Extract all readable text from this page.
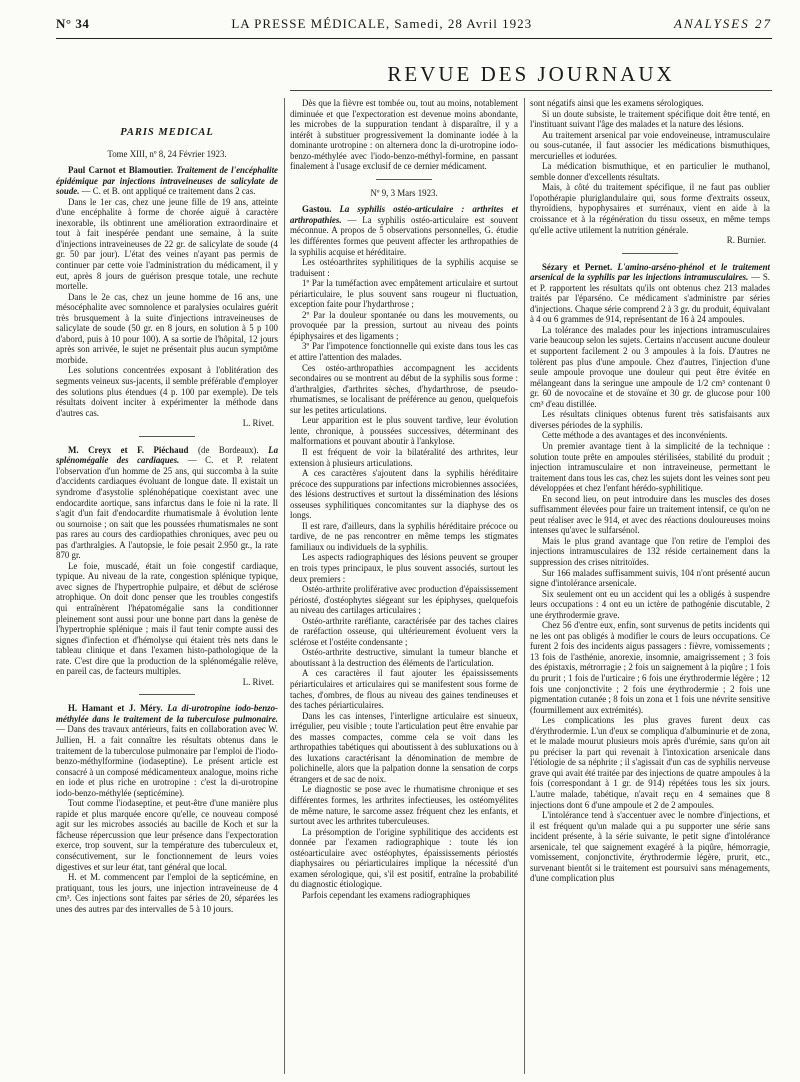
N° 34	LA PRESSE MÉDICALE, Samedi, 28 Avril 1923	ANALYSES 27
REVUE DES JOURNAUX
PARIS MÉDICAL
Tome XIII, nº 8, 24 Février 1923.

Paul Carnot et Blamoutier. Traitement de l'encéphalite épidémique par injections intraveineuses de salicylate de soude. — C. et B. ont appliqué ce traitement dans 2 cas.

Dans le 1er cas, chez une jeune fille de 19 ans, atteinte d'une encéphalite à forme de chorée aiguë à caractère inexorable, ils obtinrent une amélioration extraordinaire et tout à fait inespérée pendant une semaine, à la suite d'injections intraveineuses de 22 gr. de salicylate de soude (4 gr. 50 par jour). L'état des veines n'ayant pas permis de continuer par cette voie l'administration du médicament, il y eut, après 8 jours de guérison presque totale, une rechute mortelle.

Dans le 2e cas, chez un jeune homme de 16 ans, une mésocéphalite avec somnolence et paralysies oculaires guérit très brusquement à la suite d'injections intraveineuses de salicylate de soude (50 gr. en 8 jours, en solution à 5 p 100 d'abord, puis à 10 pour 100). A sa sortie de l'hôpital, 12 jours après son arrivée, le sujet ne présentait plus aucun symptôme morbide.

Les solutions concentrées exposant à l'oblitération des segments veineux sus-jacents, il semble préférable d'employer des solutions plus étendues (4 p. 100 par exemple). De tels résultats doivent inciter à expérimenter la méthode dans d'autres cas.

L. Rivet.

M. Creyx et F. Piéchaud (de Bordeaux). La splénomégalie des cardiaques. — C. et P. relatent l'observation d'un homme de 25 ans, qui succomba à la suite d'accidents cardiaques évoluant de longue date. Il existait un syndrome d'asystolie splénohépatique coexistant avec une endocardite aortique, sans infarctus dans le foie ni la rate. Il s'agit d'un fait d'endocardite rhumatismale à évolution lente ou sournoise ; on sait que les poussées rhumatismales ne sont pas rares au cours des cardiopathies chroniques, avec peu ou pas d'arthralgies. A l'autopsie, le foie pesait 2.950 gr., la rate 870 gr.

Le foie, muscadé, était un foie congestif cardiaque, typique. Au niveau de la rate, congestion splénique typique, avec signes de l'hypertrophie pulpaire, et début de sclérose atrophique. On doit donc penser que les troubles congestifs qui entraînèrent l'hépatomégalie sans la conditionner pleinement sont aussi pour une bonne part dans la genèse de l'hypertrophie splénique ; mais il faut tenir compte aussi des signes d'infection et d'hémolyse qui étaient très nets dans le tableau clinique et dans l'examen histo-pathologique de la rate. C'est dire que la production de la splénomégalie relève, en pareil cas, de facteurs multiples.

L. Rivet.

H. Hamant et J. Méry. La di-urotropine iodo-benzo-méthylée dans le traitement de la tuberculose pulmonaire. — Dans des travaux antérieurs, faits en collaboration avec W. Jullien, H. a fait connaître les résultats obtenus dans le traitement de la tuberculose pulmonaire par l'emploi de l'iodo-benzo-méthylformine (iodaseptine). Le présent article est consacré à un composé médicamenteux analogue, moins riche en iode et plus riche en urotropine : c'est la di-urotropine iodo-benzo-méthylée (septicémine).

Tout comme l'iodaseptine, et peut-être d'une manière plus rapide et plus marquée encore qu'elle, ce nouveau composé agit sur les microbes associés au bacille de Koch et sur la fâcheuse répercussion que leur présence dans l'expectoration exerce, trop souvent, sur la température des tuberculeux et, consécutivement, sur le fonctionnement de leurs voies digestives et sur leur état, tant général que local.

H. et M. commencent par l'emploi de la septicémine, en pratiquant, tous les jours, une injection intraveineuse de 4 cm³. Ces injections sont faites par séries de 20, séparées les unes des autres par des intervalles de 5 à 10 jours.

Dès que la fièvre est tombée ou, tout au moins, notablement diminuée et que l'expectoration est devenue moins abondante, les microbes de la suppuration tendant à disparaître, il y a intérêt à substituer progressivement la dominante iodée à la dominante urotropine : on alternera donc la di-urotropine iodo-benzo-méthylée avec l'iodo-benzo-méthyl-formine, en passant finalement à l'usage exclusif de ce dernier médicament.

Nº 9, 3 Mars 1923.

Gastou. La syphilis ostéo-articulaire : arthrites et arthropathies. — La syphilis ostéo-articulaire est souvent méconnue. A propos de 5 observations personnelles, G. étudie les différentes formes que peuvent affecter les arthropathies de la syphilis acquise et héréditaire.

Les ostéoarthrites syphilitiques de la syphilis acquise se traduisent :

1º Par la tuméfaction avec empâtement articulaire et surtout périarticulaire, le plus souvent sans rougeur ni fluctuation, exception faite pour l'hydarthrose ;

2º Par la douleur spontanée ou dans les mouvements, ou provoquée par la pression, surtout au niveau des points épiphysaires et des ligaments ;

3º Par l'impotence fonctionnelle qui existe dans tous les cas et attire l'attention des malades.

Ces ostéo-arthropathies accompagnent les accidents secondaires ou se montrent au début de la syphilis sous forme : d'arthralgies, d'arthrites sèches, d'hydarthrose, de pseudo-rhumatismes, se localisant de préférence au genou, quelquefois sur les petites articulations.

Leur apparition est le plus souvent tardive, leur évolution lente, chronique, à poussées successives, déterminant des malformations et pouvant aboutir à l'ankylose.

Il est fréquent de voir la bilatéralité des arthrites, leur extension à plusieurs articulations.

A ces caractères s'ajoutent dans la syphilis héréditaire précoce des suppurations par infections microbiennes associées, des lésions destructives et surtout la dissémination des lésions osseuses syphilitiques concomitantes sur la diaphyse des os longs.

Il est rare, d'ailleurs, dans la syphilis héréditaire précoce ou tardive, de ne pas rencontrer en même temps les stigmates familiaux ou individuels de la syphilis.

Les aspects radiographiques des lésions peuvent se grouper en trois types principaux, le plus souvent associés, surtout les deux premiers :

Ostéo-arthrite proliférative avec production d'épaississement périosté, d'ostéophytes siégeant sur les épiphyses, quelquefois au niveau des cartilages articulaires ;

Ostéo-arthrite raréfiante, caractérisée par des taches claires de raréfaction osseuse, qui ultérieurement évoluent vers la sclérose et l'ostéite condensante ;

Ostéo-arthrite destructive, simulant la tumeur blanche et aboutissant à la destruction des éléments de l'articulation.

A ces caractères il faut ajouter les épaississements périarticulaires et articulaires qui se manifestent sous forme de taches, d'ombres, de flous au niveau des gaines tendineuses et des taches périarticulaires.

Dans les cas intenses, l'interligne articulaire est sinueux, irrégulier, peu visible ; toute l'articulation peut être envahie par des masses compactes, comme cela se voit dans les arthropathies tabétiques qui aboutissent à des subluxations ou à des luxations caractérisant la dénomination de membre de polichinelle, alors que la palpation donne la sensation de corps étrangers et de sac de noix.

Le diagnostic se pose avec le rhumatisme chronique et ses différentes formes, les arthrites infectieuses, les ostéomyélites de même nature, le sarcome assez fréquent chez les enfants, et surtout avec les arthrites tuberculeuses.

La présomption de l'origine syphilitique des accidents est donnée par l'examen radiographique : toute lés ion ostéoarticulaire avec ostéophytes, épaississements périostés diaphysaires ou périarticulaires implique la nécessité d'un examen sérologique, qui, s'il est positif, entraîne la probabilité du diagnostic étiologique.

Parfois cependant les examens radiographiques

sont négatifs ainsi que les examens sérologiques.

Si un doute subsiste, le traitement spécifique doit être tenté, en l'instituant suivant l'âge des malades et la nature des lésions.

Au traitement arsenical par voie endoveineuse, intramusculaire ou sous-cutanée, il faut associer les médications bismuthiques, mercurielles et iodurées.

La médication bismuthique, et en particulier le muthanol, semble donner d'excellents résultats.

Mais, à côté du traitement spécifique, il ne faut pas oublier l'opothérapie pluriglandulaire qui, sous forme d'extraits osseux, thyroïdiens, hypophysaires et surrénaux, vient en aide à la croissance et à la régénération du tissu osseux, en même temps qu'elle active utilement la nutrition générale.

R. Burnier.

Sézary et Pernet. L'amino-arséno-phénol et le traitement arsenical de la syphilis par les injections intramusculaires. — S. et P. rapportent les résultats qu'ils ont obtenus chez 213 malades traités par l'éparséno. Ce médicament s'administre par séries d'injections. Chaque série comprend 2 à 3 gr. du produit, équivalant à 4 ou 6 grammes de 914, représentant de 16 à 24 ampoules.

La tolérance des malades pour les injections intramusculaires varie beaucoup selon les sujets. Certains n'accusent aucune douleur et supportent facilement 2 ou 3 ampoules à la fois. D'autres ne tolèrent pas plus d'une ampoule. Chez d'autres, l'injection d'une seule ampoule provoque une douleur qui peut être évitée en mélangeant dans la seringue une ampoule de 1/2 cm³ contenant 0 gr. 60 de novocaïne et de stovaïne et 30 gr. de glucose pour 100 cm³ d'eau distillée.

Les résultats cliniques obtenus furent très satisfaisants aux diverses périodes de la syphilis.

Cette méthode a des avantages et des inconvénients.

Un premier avantage tient à la simplicité de la technique : solution toute prête en ampoules stérilisées, stabilité du produit ; injection intramusculaire et non intraveineuse, permettant le traitement dans tous les cas, chez les sujets dont les veines sont peu développées et chez l'enfant hérédo-syphilitique.

En second lieu, on peut introduire dans les muscles des doses suffisamment élevées pour faire un traitement intensif, ce qu'on ne peut réaliser avec le 914, et avec des réactions douloureuses moins intenses qu'avec le sulfarsénol.

Mais le plus grand avantage que l'on retire de l'emploi des injections intramusculaires de 132 réside certainement dans la suppression des crises nitritoïdes.

Sur 166 malades suffisamment suivis, 104 n'ont présenté aucun signe d'intolérance arsenicale.

Six seulement ont eu un accident qui les a obligés à suspendre leurs occupations : 4 ont eu un ictère de pathogénie discutable, 2 une érythrodermie grave.

Chez 56 d'entre eux, enfin, sont survenus de petits incidents qui ne les ont pas obligés à modifier le cours de leurs occupations. Ce furent 2 fois des incidents aigus passagers : fièvre, vomissements ; 13 fois de l'asthénie, anorexie, insomnie, amaigrissement ; 3 fois des épistaxis, métrorragie ; 2 fois un saignement à la piqûre ; 1 fois du prurit ; 1 fois de l'urticaire ; 6 fois une érythrodermie légère ; 12 fois une conjonctivite ; 2 fois une érythrodermie ; 2 fois une pigmentation cutanée ; 8 fois un zona et 1 fois une névrite sensitive (fourmillement aux extrémités).

Les complications les plus graves furent deux cas d'érythrodermie. L'un d'eux se compliqua d'albuminurie et de zona, et le malade mourut plusieurs mois après d'urémie, sans qu'on ait pu préciser la part qui revenait à l'intoxication arsenicale dans l'étiologie de sa néphrite ; il s'agissait d'un cas de syphilis nerveuse grave qui avait été traitée par des injections de quatre ampoules à la fois (correspondant à 1 gr. de 914) répétées tous les six jours. L'autre malade, tabétique, n'avait reçu en 4 semaines que 8 injections dont 6 d'une ampoule et 2 de 2 ampoules.

L'intolérance tend à s'accentuer avec le nombre d'injections, et il est fréquent qu'un malade qui a pu supporter une série sans incident présente, à la série suivante, le petit signe d'intolérance arsenicale, tel que saignement exagéré à la piqûre, hémorragie, vomissement, conjonctivite, érythrodermie légère, prurit, etc., survenant bientôt si le traitement est poursuivi sans ménagements, d'une complication plus
